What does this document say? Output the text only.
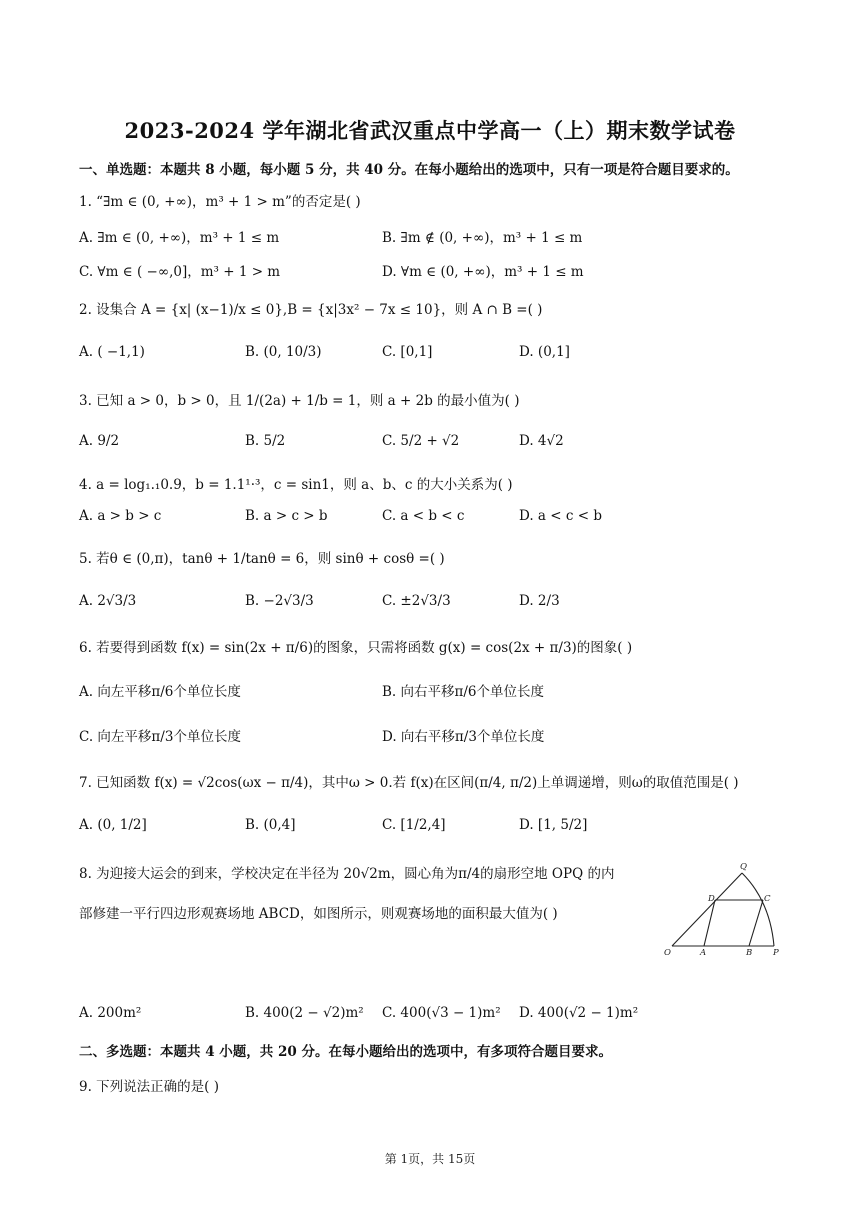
2023-2024 学年湖北省武汉重点中学高一（上）期末数学试卷
一、单选题：本题共 8 小题，每小题 5 分，共 40 分。在每小题给出的选项中，只有一项是符合题目要求的。
1. “∃m ∈ (0, +∞)，m³ + 1 > m”的否定是( )
A. ∃m ∈ (0, +∞)，m³ + 1 ≤ m	B. ∃m ∉ (0, +∞)，m³ + 1 ≤ m
C. ∀m ∈ ( −∞,0]，m³ + 1 > m	D. ∀m ∈ (0, +∞)，m³ + 1 ≤ m
2. 设集合 A = {x| (x−1)/x ≤ 0},B = {x|3x² − 7x ≤ 10}，则 A ∩ B =( )
A. ( −1,1)	B. (0, 10/3)	C. [0,1]	D. (0,1]
3. 已知 a > 0，b > 0，且 1/(2a) + 1/b = 1，则 a + 2b 的最小值为( )
A. 9/2	B. 5/2	C. 5/2 + √2	D. 4√2
4. a = log₁.₁0.9，b = 1.1¹·³，c = sin1，则 a、b、c 的大小关系为( )
A. a > b > c	B. a > c > b	C. a < b < c	D. a < c < b
5. 若θ ∈ (0,π)，tanθ + 1/tanθ = 6，则 sinθ + cosθ =( )
A. 2√3/3	B. −2√3/3	C. ±2√3/3	D. 2/3
6. 若要得到函数 f(x) = sin(2x + π/6)的图象，只需将函数 g(x) = cos(2x + π/3)的图象( )
A. 向左平移π/6个单位长度	B. 向右平移π/6个单位长度
C. 向左平移π/3个单位长度	D. 向右平移π/3个单位长度
7. 已知函数 f(x) = √2cos(ωx − π/4)，其中ω > 0.若 f(x)在区间(π/4, π/2)上单调递增，则ω的取值范围是( )
A. (0, 1/2]	B. (0,4]	C. [1/2,4]	D. [1, 5/2]
8. 为迎接大运会的到来，学校决定在半径为 20√2m，圆心角为π/4的扇形空地 OPQ 的内
部修建一平行四边形观赛场地 ABCD，如图所示，则观赛场地的面积最大值为( )
Q
D	C
O	A	B P
A. 200m²	B. 400(2 − √2)m² C. 400(√3 − 1)m² D. 400(√2 − 1)m²
二、多选题：本题共 4 小题，共 20 分。在每小题给出的选项中，有多项符合题目要求。
9. 下列说法正确的是( )
第 1页，共 15页
